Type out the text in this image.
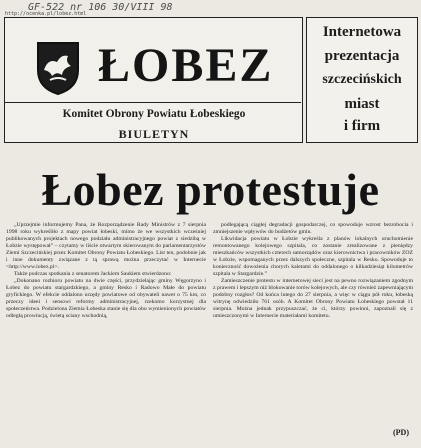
GF-522 nr 106 30/VIII 98
http://ocenka.pl/lobez.html
ŁOBEZ
Komitet Obrony Powiatu Łobeskiego
BIULETYN
Internetowa
prezentacja
szczecińskich
miast
i firm
Łobez protestuje

„Uprzejmie informujemy Pana, że Rozporządzenie Rady Ministrów z 7 sierpnia 1998 roku wykreśliło z mapy powiat łobeski, mimo że we wszystkich wcześniej publikowanych projektach nowego podziału administracyjnego powiat z siedzibą w Łobzie występował” – czytamy w liście otwartym skierowanym do parlamentarzystów Ziemi Szczecińskiej przez Komitet Obrony Powiatu Łobeskiego. List ten, podobnie jak i inne dokumenty związane z tą sprawą można przeczytać w Internecie <http://www.lobez.pl>.

Także podczas spotkania z senatorem Jackiem Saukiem stwierdzono:

„Dokonano rozbioru powiatu na dwie części, przydzielając gminy Węgorzyno i Łobez do powiatu stargardzkiego, a gminy Resko i Radowo Małe do powiatu gryfickiego. W efekcie oddalono urzędy powiatowe od obywateli nawet o 75 km, co przeczy ideei i sensowi reformy administracyjnej, rzekomo korzystnej dla społeczeństwa. Podzielona Ziemia Łobeska stanie się dla obu wymienionych powiatów odległą prowincją, świetą sciany wschodnią,

podlegającą ciągłej degradacji gospodarczej, co spowoduje wzrost bezrobocia i zmniejszenie wpływów do budżetów gmin.

Likwidacja powiatu w Łobzie wykreśla z planów lokalnych uruchomienie remontowanego kolejowego szpitala, co zostanie zrealizowane z pieniędzy mieszkańców wszystkich czterech samorządów oraz kierownictwa i pracowników ZOZ w Łobzie, wspomaganych przez dalszych społeczne, szpitala w Resku. Spowoduje to konieczność dowożenia chorych kaletami do oddalonego o kilkadziesiąt kilometrów szpitala w Stargardzie.”

Zamieszczenie protestu w internetowej sieci jest na pewno rozwiązaniem zgodnym z prawem i lepszym niż blokowanie torów kolejowych, ale czy również zapewniającym podobny rozgłos? Od końca lutego do 27 sierpnia, a więc w ciągu pół roku, łobeską witrynę odwiedziło 761 osób. A Komitet Obrony Powiatu Łobeskiego powstał 11 sierpnia. Można jednak przypuszczać, że ci, którzy powinni, zapoznali się z umieszczonymi w Internecie materiałami komitetu.

(PD)
